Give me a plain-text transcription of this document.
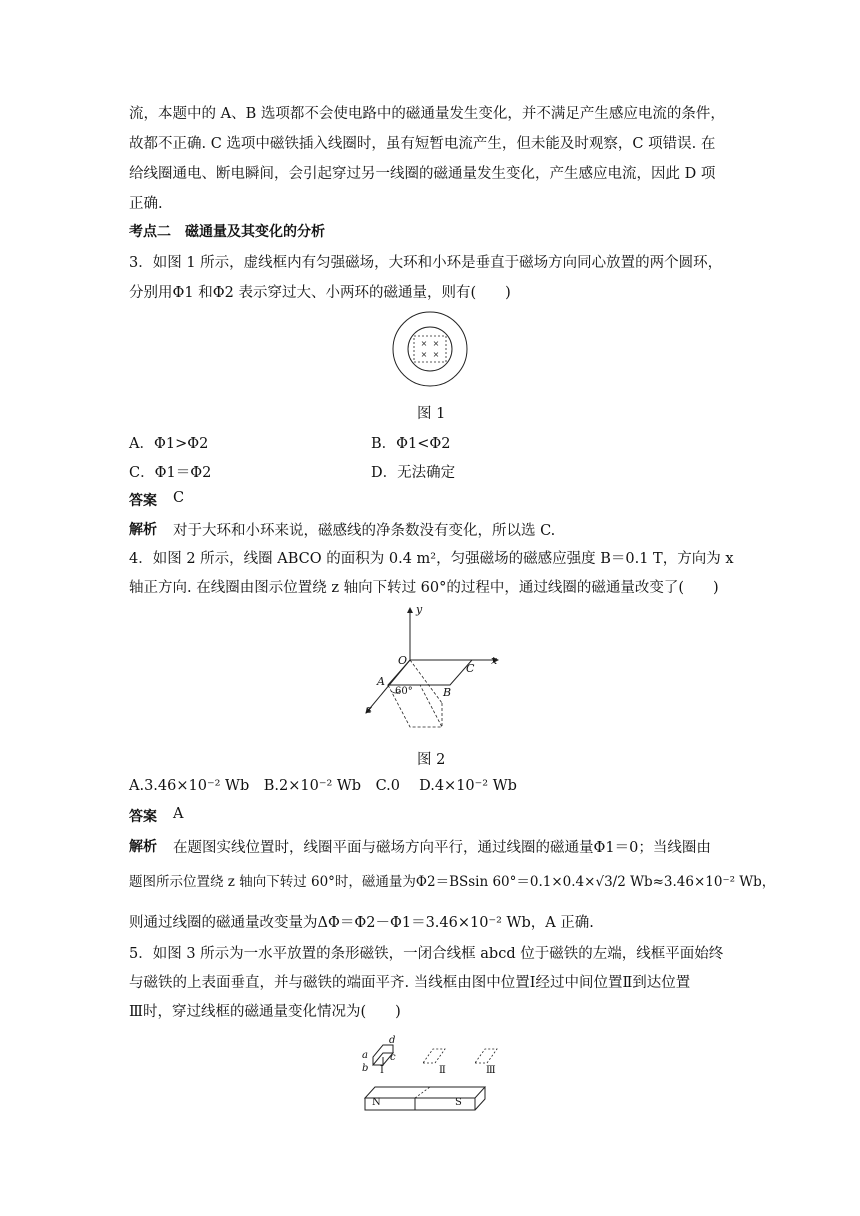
流，本题中的 A、B 选项都不会使电路中的磁通量发生变化，并不满足产生感应电流的条件，
故都不正确. C 选项中磁铁插入线圈时，虽有短暂电流产生，但未能及时观察，C 项错误. 在
给线圈通电、断电瞬间，会引起穿过另一线圈的磁通量发生变化，产生感应电流，因此 D 项
正确.
考点二　磁通量及其变化的分析
3．如图 1 所示，虚线框内有匀强磁场，大环和小环是垂直于磁场方向同心放置的两个圆环，
分别用Φ1 和Φ2 表示穿过大、小两环的磁通量，则有(　　)
× ×
× ×
图 1
A．Φ1>Φ2	B．Φ1<Φ2
C．Φ1＝Φ2	D．无法确定
答案 C
解析 对于大环和小环来说，磁感线的净条数没有变化，所以选 C.
4．如图 2 所示，线圈 ABCO 的面积为 0.4 m²，匀强磁场的磁感应强度 B＝0.1 T，方向为 x
轴正方向. 在线圈由图示位置绕 z 轴向下转过 60°的过程中，通过线圈的磁通量改变了(　　)
y
x
z
O
A
B
C
60°
图 2
A.3.46×10⁻² Wb　B.2×10⁻² Wb　C.0　 D.4×10⁻² Wb
答案 A
解析 在题图实线位置时，线圈平面与磁场方向平行，通过线圈的磁通量Φ1＝0；当线圈由
题图所示位置绕 z 轴向下转过 60°时，磁通量为Φ2＝BSsin 60°＝0.1×0.4×√3/2 Wb≈3.46×10⁻² Wb，
则通过线圈的磁通量改变量为ΔΦ＝Φ2－Φ1＝3.46×10⁻² Wb，A 正确.
5．如图 3 所示为一水平放置的条形磁铁，一闭合线框 abcd 位于磁铁的左端，线框平面始终
与磁铁的上表面垂直，并与磁铁的端面平齐. 当线框由图中位置Ⅰ经过中间位置Ⅱ到达位置
Ⅲ时，穿过线框的磁通量变化情况为(　　)
a
b
c
d
Ⅰ	Ⅱ	Ⅲ
N	S
